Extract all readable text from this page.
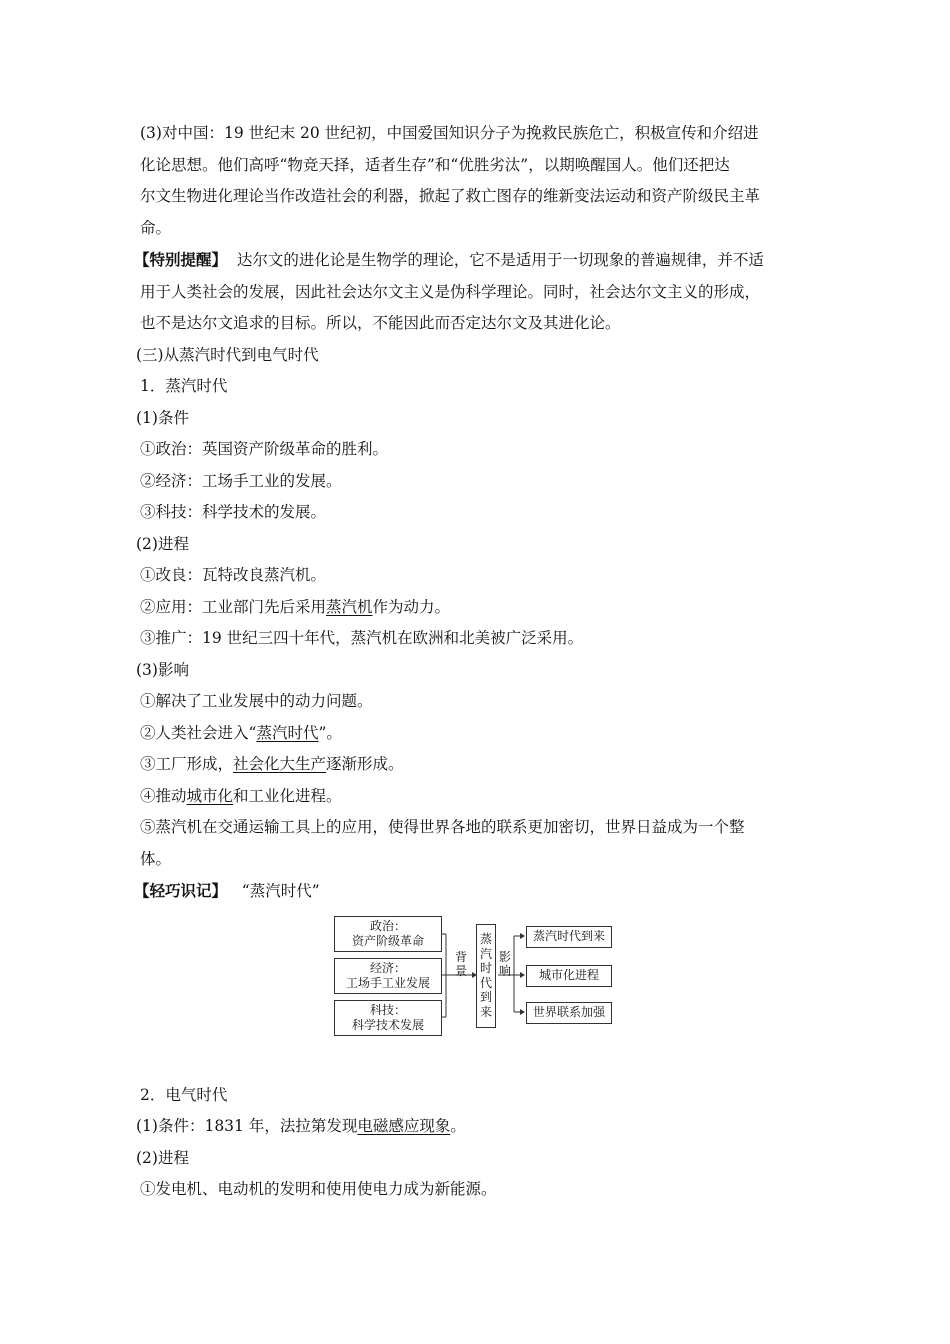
(3)对中国：19 世纪末 20 世纪初，中国爱国知识分子为挽救民族危亡，积极宣传和介绍进

化论思想。他们高呼“物竞天择，适者生存”和“优胜劣汰”，以期唤醒国人。他们还把达

尔文生物进化理论当作改造社会的利器，掀起了救亡图存的维新变法运动和资产阶级民主革

命。

【特别提醒】 达尔文的进化论是生物学的理论，它不是适用于一切现象的普遍规律，并不适

用于人类社会的发展，因此社会达尔文主义是伪科学理论。同时，社会达尔文主义的形成，

也不是达尔文追求的目标。所以，不能因此而否定达尔文及其进化论。

(三)从蒸汽时代到电气时代

1．蒸汽时代

(1)条件

①政治：英国资产阶级革命的胜利。

②经济：工场手工业的发展。

③科技：科学技术的发展。

(2)进程

①改良：瓦特改良蒸汽机。

②应用：工业部门先后采用蒸汽机作为动力。

③推广：19 世纪三四十年代，蒸汽机在欧洲和北美被广泛采用。

(3)影响

①解决了工业发展中的动力问题。

②人类社会进入“蒸汽时代”。

③工厂形成，社会化大生产逐渐形成。

④推动城市化和工业化进程。

⑤蒸汽机在交通运输工具上的应用，使得世界各地的联系更加密切，世界日益成为一个整

体。

【轻巧识记】 “蒸汽时代”

政治：
资产阶级革命
经济：
工场手工业发展
科技：
科学技术发展
背景
蒸汽时代到来
影响
蒸汽时代到来
城市化进程
世界联系加强

2．电气时代

(1)条件：1831 年，法拉第发现电磁感应现象。

(2)进程

①发电机、电动机的发明和使用使电力成为新能源。
